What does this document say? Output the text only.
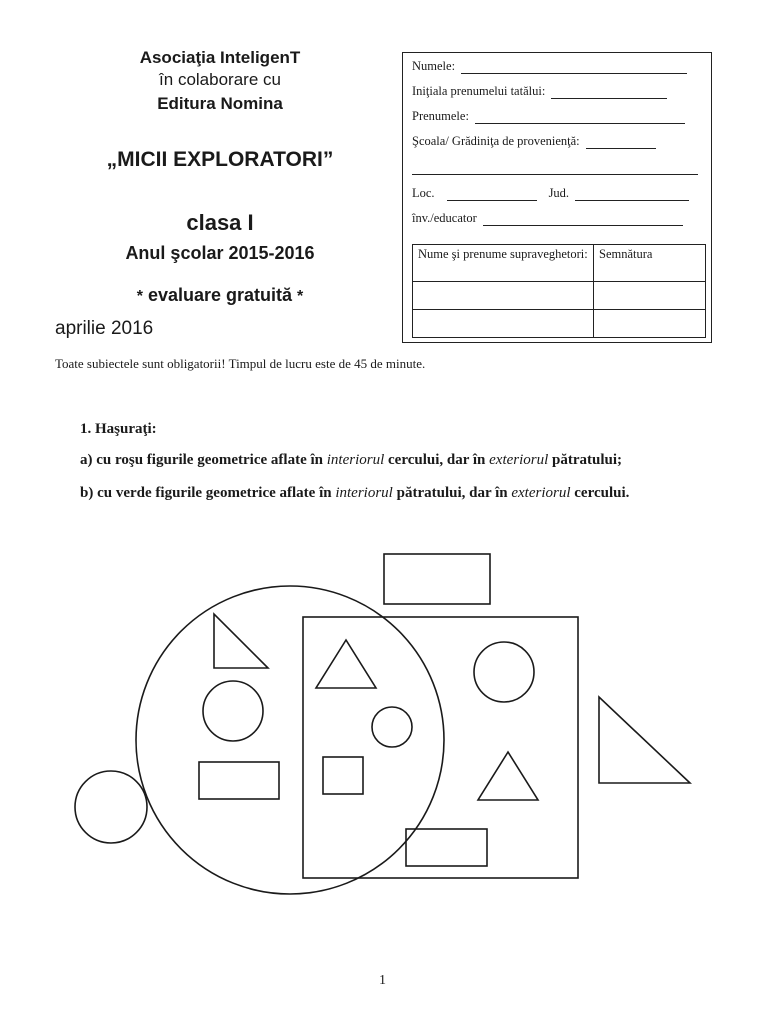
Asociaţia InteligenT
în colaborare cu
Editura Nomina
„MICII EXPLORATORI”
clasa I
Anul şcolar 2015-2016
* evaluare gratuită *
aprilie 2016
Toate subiectele sunt obligatorii! Timpul de lucru este de 45 de minute.
Numele:
Iniţiala prenumelui tatălui:
Prenumele:
Şcoala/ Grădiniţa de provenienţă:
Loc.	Jud.
înv./educator
Nume şi prenume supraveghetori:	Semnătura

1. Haşuraţi:
a) cu roşu figurile geometrice aflate în interiorul cercului, dar în exteriorul pătratului;
b) cu verde figurile geometrice aflate în interiorul pătratului, dar în exteriorul cercului.
1
